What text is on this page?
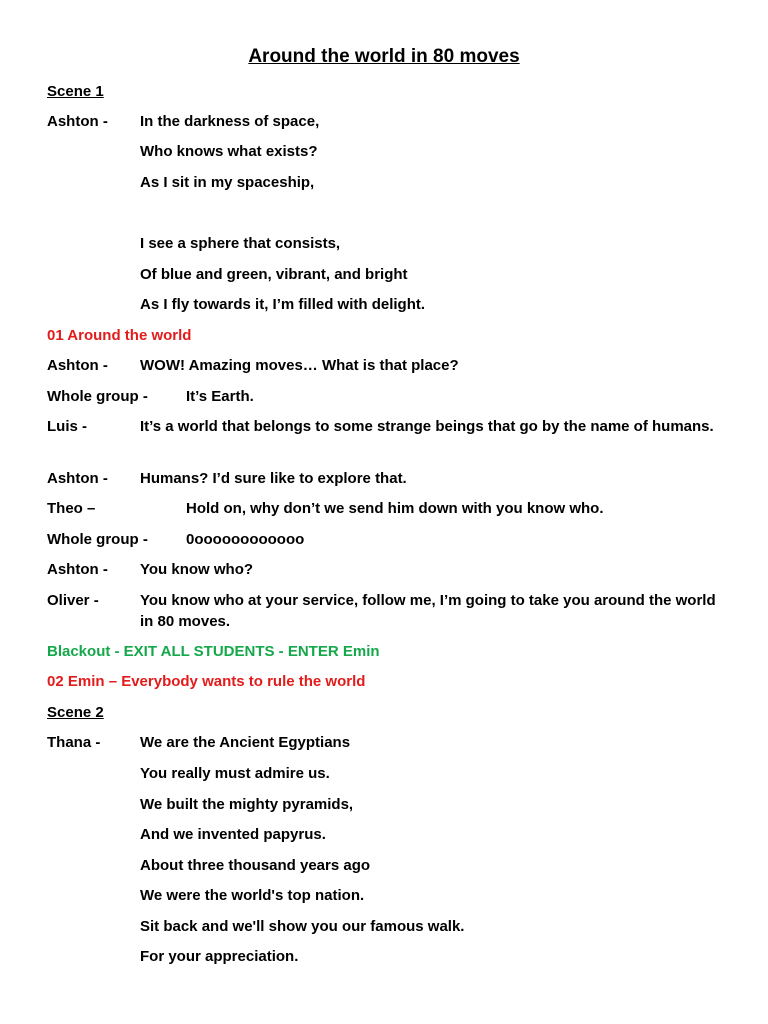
Around the world in 80 moves
Scene 1
Ashton - In the darkness of space,
Who knows what exists?
As I sit in my spaceship,
I see a sphere that consists,
Of blue and green, vibrant, and bright
As I fly towards it, I’m filled with delight.
01 Around the world
Ashton - WOW! Amazing moves… What is that place?
Whole group -	It’s Earth.
Luis -	It’s a world that belongs to some strange beings that go by the name of humans.
Ashton - Humans? I’d sure like to explore that.
Theo –	Hold on, why don’t we send him down with you know who.
Whole group -	0oooooooooooo
Ashton - You know who?
Oliver -	You know who at your service, follow me, I’m going to take you around the world in 80 moves.
Blackout - EXIT ALL STUDENTS - ENTER Emin
02 Emin – Everybody wants to rule the world
Scene 2
Thana -	We are the Ancient Egyptians
You really must admire us.
We built the mighty pyramids,
And we invented papyrus.
About three thousand years ago
We were the world's top nation.
Sit back and we'll show you our famous walk.
For your appreciation.
